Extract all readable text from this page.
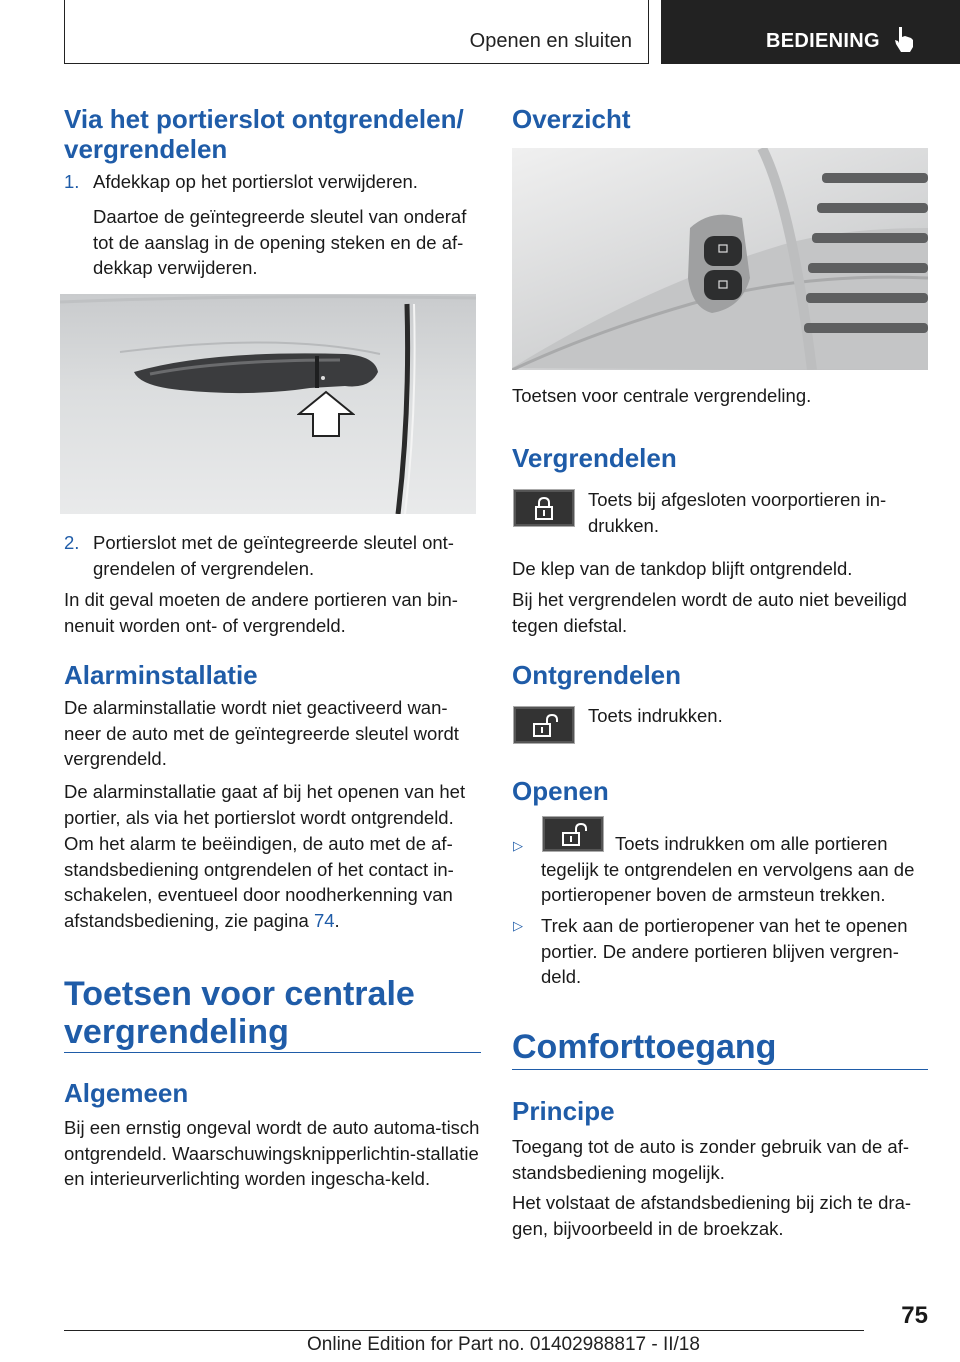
Openen en sluiten	BEDIENING
Via het portierslot ontgrendelen/ vergrendelen
1. Afdekkap op het portierslot verwijderen.

Daartoe de geïntegreerde sleutel van onderaf tot de aanslag in de opening steken en de af-dekkap verwijderen.

2. Portierslot met de geïntegreerde sleutel ont-grendelen of vergrendelen.

In dit geval moeten de andere portieren van bin-nenuit worden ont- of vergrendeld.

Alarminstallatie

De alarminstallatie wordt niet geactiveerd wan-neer de auto met de geïntegreerde sleutel wordt vergrendeld.

De alarminstallatie gaat af bij het openen van het portier, als via het portierslot wordt ontgrendeld.

Om het alarm te beëindigen, de auto met de af-standsbediening ontgrendelen of het contact in-schakelen, eventueel door noodherkenning van afstandsbediening, zie pagina 74.

Toetsen voor centrale vergrendeling
Algemeen

Bij een ernstig ongeval wordt de auto automa-tisch ontgrendeld. Waarschuwingsknipperlichtin-stallatie en interieurverlichting worden ingescha-keld.

Overzicht

Toetsen voor centrale vergrendeling.

Vergrendelen

Toets bij afgesloten voorportieren in-drukken.

De klep van de tankdop blijft ontgrendeld.

Bij het vergrendelen wordt de auto niet beveiligd tegen diefstal.

Ontgrendelen

Toets indrukken.

Openen
▷	Toets indrukken om alle portieren tegelijk te ontgrendelen en vervolgens aan de portieropener boven de armsteun trekken.

▷ Trek aan de portieropener van het te openen portier. De andere portieren blijven vergren-deld.

Comforttoegang
Principe

Toegang tot de auto is zonder gebruik van de af-standsbediening mogelijk.

Het volstaat de afstandsbediening bij zich te dra-gen, bijvoorbeeld in de broekzak.

75
Online Edition for Part no. 01402988817 - II/18
